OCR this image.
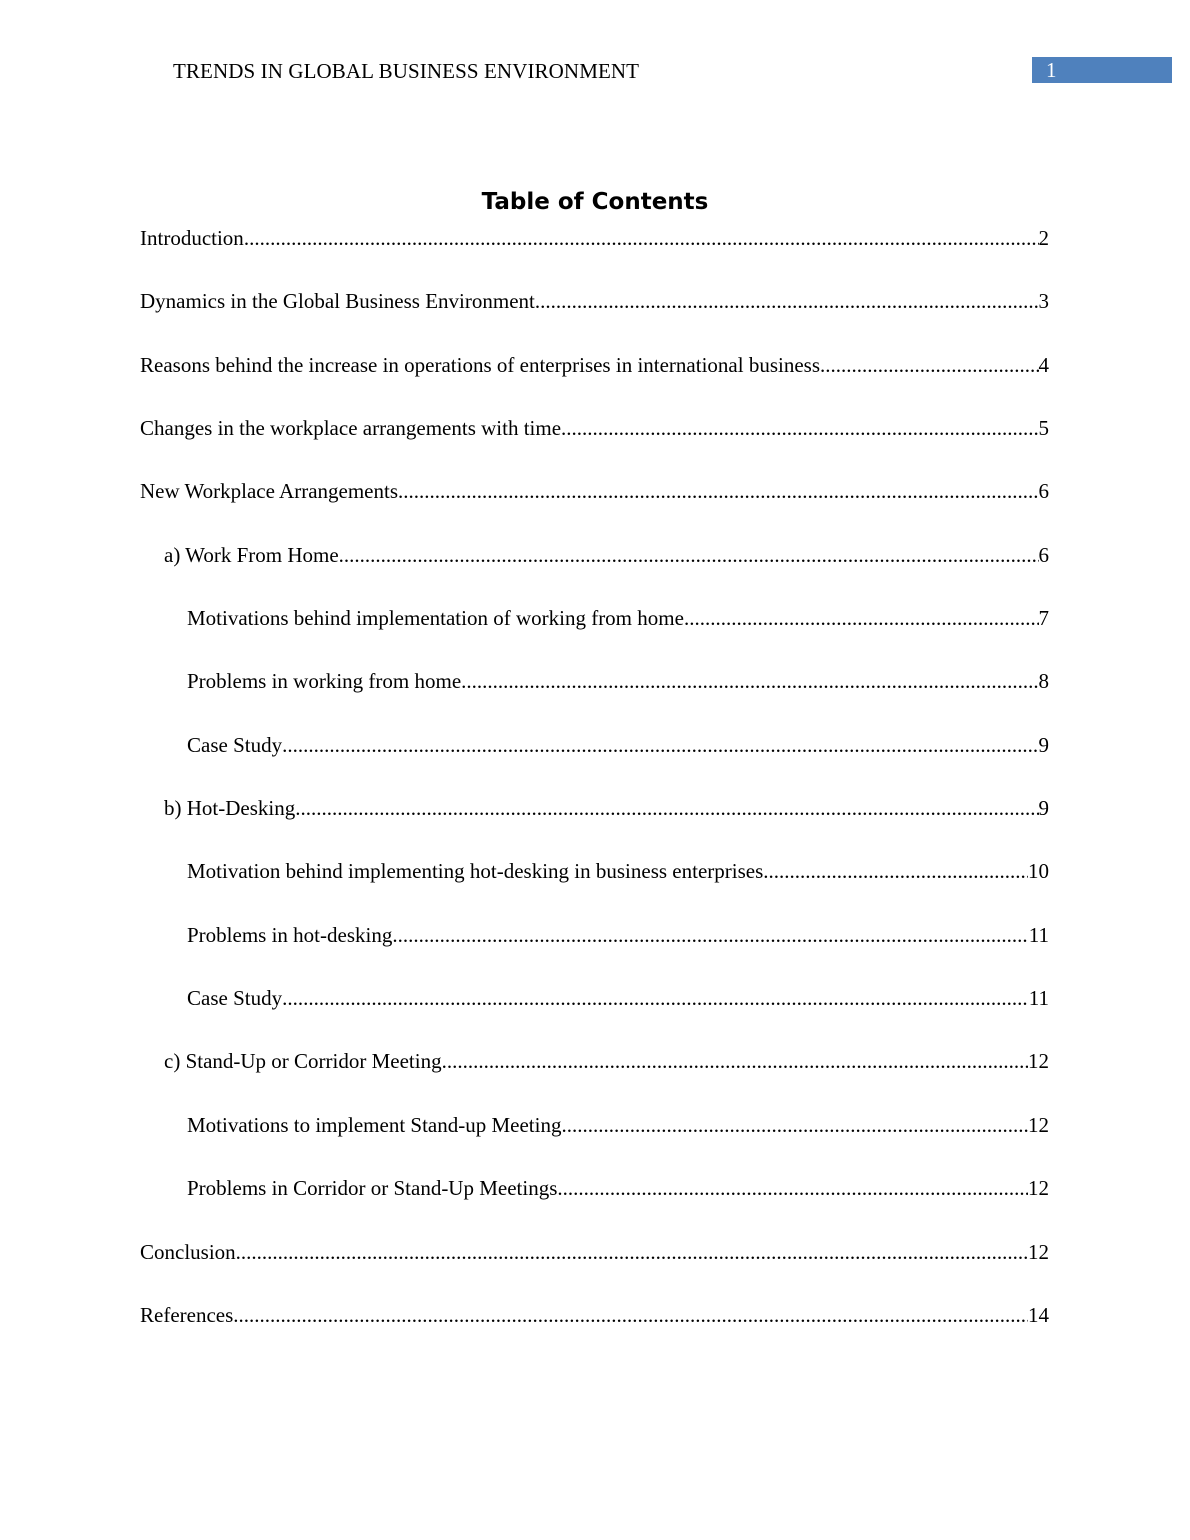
TRENDS IN GLOBAL BUSINESS ENVIRONMENT	1
Table of Contents
Introduction .....	2
Dynamics in the Global Business Environment .....	3
Reasons behind the increase in operations of enterprises in international business .....	4
Changes in the workplace arrangements with time .....	5
New Workplace Arrangements .....	6
a) Work From Home .....	6
Motivations behind implementation of working from home .....	7
Problems in working from home .....	8
Case Study .....	9
b) Hot-Desking .....	9
Motivation behind implementing hot-desking in business enterprises .....	10
Problems in hot-desking .....	11
Case Study .....	11
c) Stand-Up or Corridor Meeting .....	12
Motivations to implement Stand-up Meeting .....	12
Problems in Corridor or Stand-Up Meetings .....	12
Conclusion .....	12
References .....	14
